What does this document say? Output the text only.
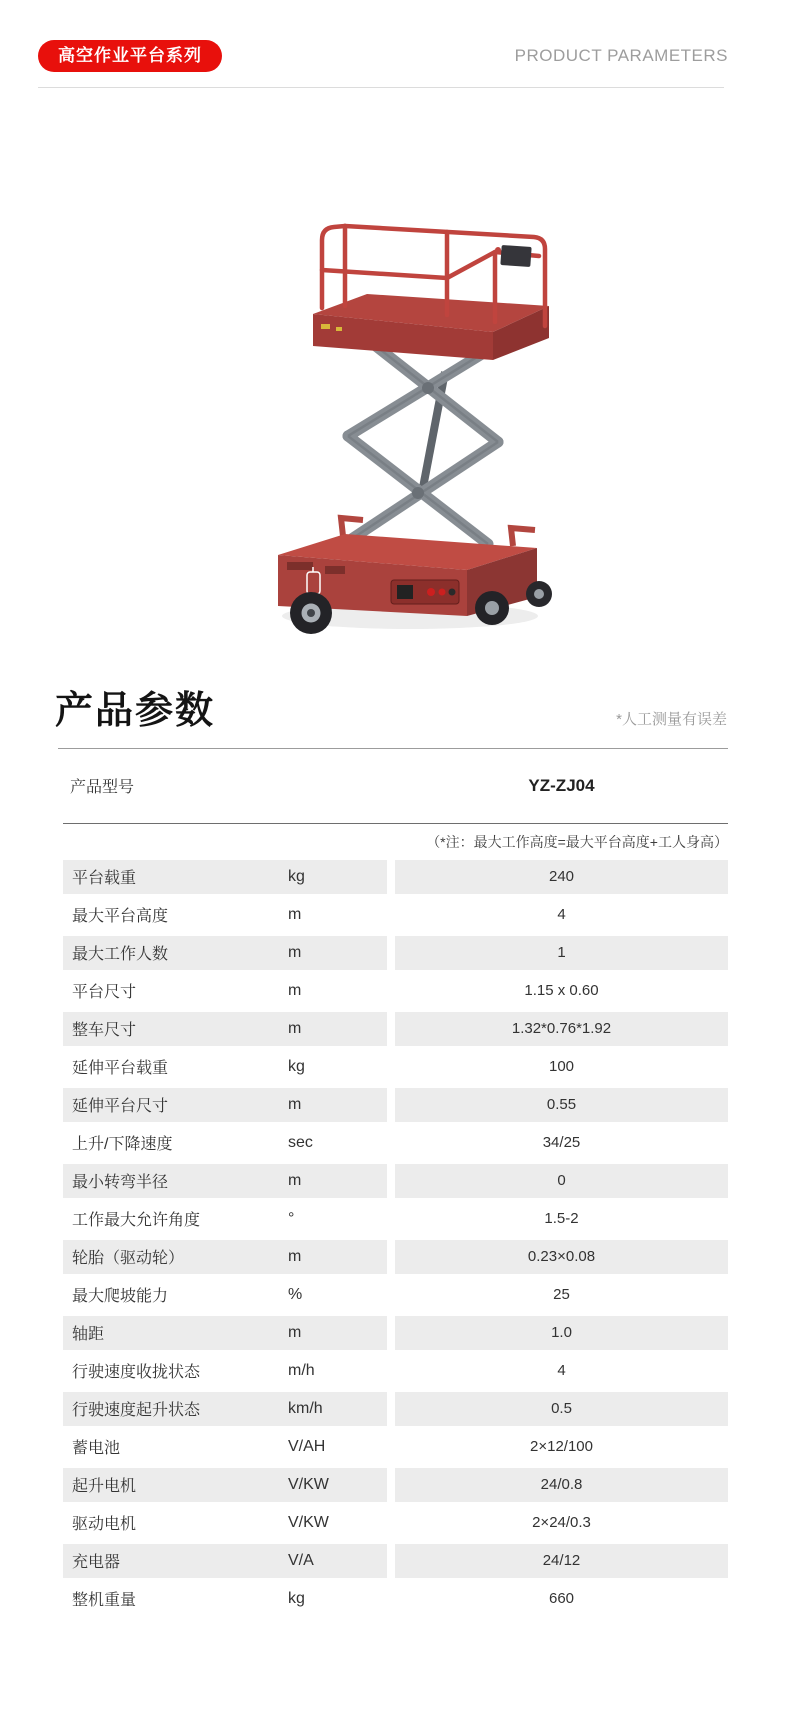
高空作业平台系列	PRODUCT PARAMETERS
产品参数	*人工测量有误差
产品型号	YZ-ZJ04
（*注：最大工作高度=最大平台高度+工人身高）
平台载重	kg	240
最大平台高度	m	4
最大工作人数	m	1
平台尺寸	m	1.15 x 0.60
整车尺寸	m	1.32*0.76*1.92
延伸平台载重	kg	100
延伸平台尺寸	m	0.55
上升/下降速度	sec	34/25
最小转弯半径	m	0
工作最大允许角度	°	1.5-2
轮胎（驱动轮）	m	0.23×0.08
最大爬坡能力	%	25
轴距	m	1.0
行驶速度收拢状态	m/h	4
行驶速度起升状态	km/h	0.5
蓄电池	V/AH	2×12/100
起升电机	V/KW	24/0.8
驱动电机	V/KW	2×24/0.3
充电器	V/A	24/12
整机重量	kg	660
